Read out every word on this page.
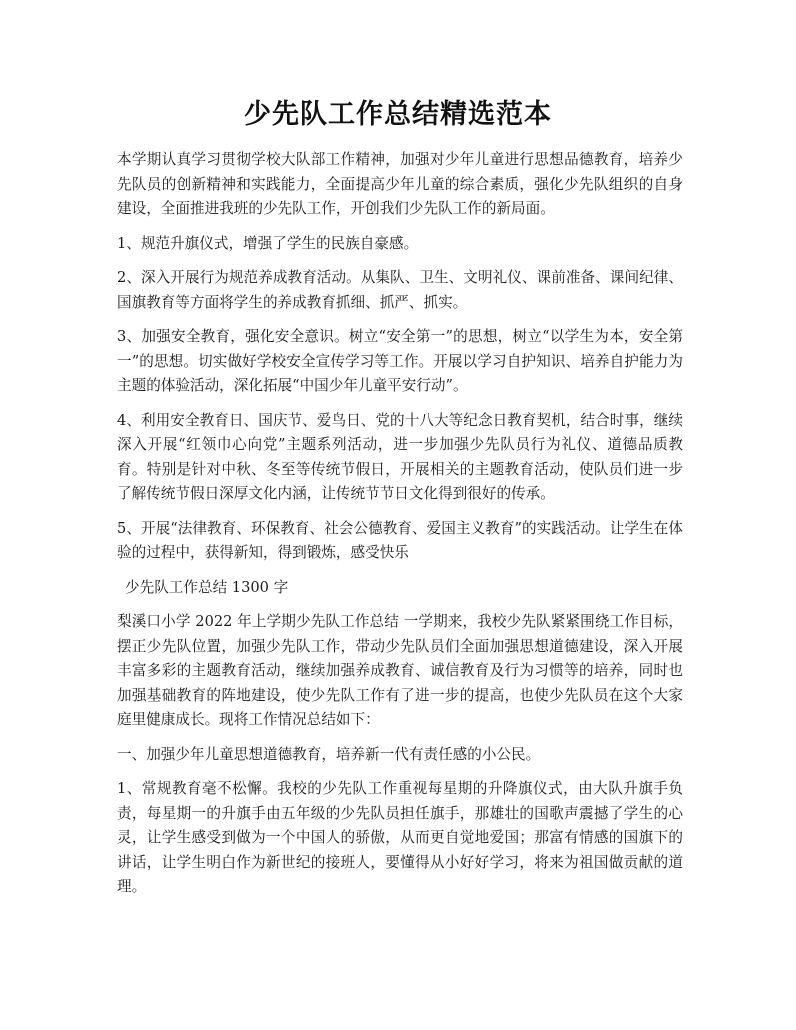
少先队工作总结精选范本

本学期认真学习贯彻学校大队部工作精神，加强对少年儿童进行思想品德教育，培养少先队员的创新精神和实践能力，全面提高少年儿童的综合素质，强化少先队组织的自身建设，全面推进我班的少先队工作，开创我们少先队工作的新局面。

1、规范升旗仪式，增强了学生的民族自豪感。

2、深入开展行为规范养成教育活动。从集队、卫生、文明礼仪、课前准备、课间纪律、国旗教育等方面将学生的养成教育抓细、抓严、抓实。

3、加强安全教育，强化安全意识。树立“安全第一”的思想，树立“以学生为本，安全第一”的思想。切实做好学校安全宣传学习等工作。开展以学习自护知识、培养自护能力为主题的体验活动，深化拓展“中国少年儿童平安行动”。

4、利用安全教育日、国庆节、爱鸟日、党的十八大等纪念日教育契机，结合时事，继续深入开展“红领巾心向党”主题系列活动，进一步加强少先队员行为礼仪、道德品质教育。特别是针对中秋、冬至等传统节假日，开展相关的主题教育活动，使队员们进一步了解传统节假日深厚文化内涵，让传统节节日文化得到很好的传承。

5、开展“法律教育、环保教育、社会公德教育、爱国主义教育”的实践活动。让学生在体验的过程中，获得新知，得到锻炼，感受快乐

少先队工作总结 1300 字

梨溪口小学 2022 年上学期少先队工作总结 一学期来，我校少先队紧紧围绕工作目标，摆正少先队位置，加强少先队工作，带动少先队员们全面加强思想道德建设，深入开展丰富多彩的主题教育活动，继续加强养成教育、诚信教育及行为习惯等的培养，同时也加强基础教育的阵地建设，使少先队工作有了进一步的提高，也使少先队员在这个大家庭里健康成长。现将工作情况总结如下：

一、加强少年儿童思想道德教育，培养新一代有责任感的小公民。

1、常规教育毫不松懈。我校的少先队工作重视每星期的升降旗仪式，由大队升旗手负责，每星期一的升旗手由五年级的少先队员担任旗手，那雄壮的国歌声震撼了学生的心灵，让学生感受到做为一个中国人的骄傲，从而更自觉地爱国；那富有情感的国旗下的讲话，让学生明白作为新世纪的接班人，要懂得从小好好学习，将来为祖国做贡献的道理。
